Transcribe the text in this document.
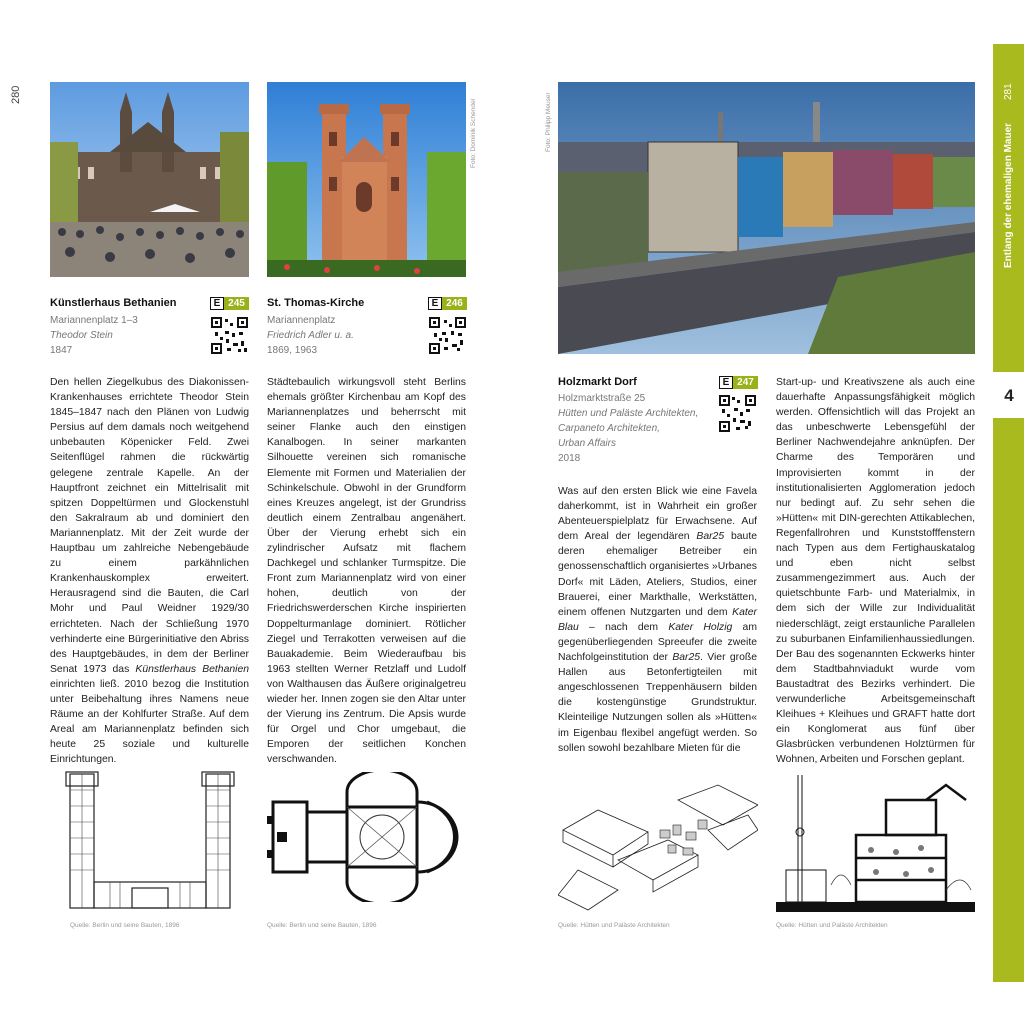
280	281
Entlang der ehemaligen Mauer
4
Foto: Dominik Schendel	Foto: Philipp Meuser
Künstlerhaus Bethanien	E 245
Mariannenplatz 1–3
Theodor Stein
1847
St. Thomas-Kirche	E 246
Mariannenplatz
Friedrich Adler u. a.
1869, 1963
Holzmarkt Dorf	E 247
Holzmarktstraße 25
Hütten und Paläste Architekten,
Carpaneto Architekten,
Urban Affairs
2018

Den hellen Ziegelkubus des Diakonissen-Krankenhauses errichtete Theodor Stein 1845–1847 nach den Plänen von Ludwig Persius auf dem damals noch weitgehend unbebauten Köpenicker Feld. Zwei Seitenflügel rahmen die rückwärtig gelegene zentrale Kapelle. An der Hauptfront zeichnet ein Mittelrisalit mit spitzen Doppeltürmen und Glockenstuhl den Sakralraum ab und dominiert den Mariannenplatz. Mit der Zeit wurde der Hauptbau um zahlreiche Nebengebäude zu einem parkähnlichen Krankenhauskomplex erweitert. Herausragend sind die Bauten, die Carl Mohr und Paul Weidner 1929/30 errichteten. Nach der Schließung 1970 verhinderte eine Bürgerinitiative den Abriss des Hauptgebäudes, in dem der Berliner Senat 1973 das Künstlerhaus Bethanien einrichten ließ. 2010 bezog die Institution unter Beibehaltung ihres Namens neue Räume an der Kohlfurter Straße. Auf dem Areal am Mariannenplatz befinden sich heute 25 soziale und kulturelle Einrichtungen.

Städtebaulich wirkungsvoll steht Berlins ehemals größter Kirchenbau am Kopf des Mariannenplatzes und beherrscht mit seiner Flanke auch den einstigen Kanalbogen. In seiner markanten Silhouette vereinen sich romanische Elemente mit Formen und Materialien der Schinkelschule. Obwohl in der Grundform eines Kreuzes angelegt, ist der Grundriss deutlich einem Zentralbau angenähert. Über der Vierung erhebt sich ein zylindrischer Aufsatz mit flachem Dachkegel und schlanker Turmspitze. Die Front zum Mariannenplatz wird von einer hohen, deutlich von der Friedrichswerderschen Kirche inspirierten Doppelturmanlage dominiert. Rötlicher Ziegel und Terrakotten verweisen auf die Bauakademie. Beim Wiederaufbau bis 1963 stellten Werner Retzlaff und Ludolf von Walthausen das Äußere originalgetreu wieder her. Innen zogen sie den Altar unter der Vierung ins Zentrum. Die Apsis wurde für Orgel und Chor umgebaut, die Emporen der seitlichen Konchen verschwanden.

Was auf den ersten Blick wie eine Favela daherkommt, ist in Wahrheit ein großer Abenteuerspielplatz für Erwachsene. Auf dem Areal der legendären Bar25 baute deren ehemaliger Betreiber ein genossenschaftlich organisiertes »Urbanes Dorf« mit Läden, Ateliers, Studios, einer Brauerei, einer Markthalle, Werkstätten, einem offenen Nutzgarten und dem Kater Blau – nach dem Kater Holzig am gegenüberliegenden Spreeufer die zweite Nachfolgeinstitution der Bar25. Vier große Hallen aus Betonfertigteilen mit angeschlossenen Treppenhäusern bilden die kostengünstige Grundstruktur. Kleinteilige Nutzungen sollen als »Hütten« im Eigenbau flexibel angefügt werden. So sollen sowohl bezahlbare Mieten für die

Start-up- und Kreativszene als auch eine dauerhafte Anpassungsfähigkeit möglich werden. Offensichtlich will das Projekt an das unbeschwerte Lebensgefühl der Berliner Nachwendejahre anknüpfen. Der Charme des Temporären und Improvisierten kommt in der institutionalisierten Agglomeration jedoch nur bedingt auf. Zu sehr sehen die »Hütten« mit DIN-gerechten Attikablechen, Regenfallrohren und Kunststofffenstern nach Typen aus dem Fertighauskatalog und eben nicht selbst zusammengezimmert aus. Auch der quietschbunte Farb- und Materialmix, in dem sich der Wille zur Individualität niederschlägt, zeigt erstaunliche Parallelen zu suburbanen Einfamilienhaussiedlungen. Der Bau des sogenannten Eckwerks hinter dem Stadtbahnviadukt wurde vom Baustadtrat des Bezirks verhindert. Die verwunderliche Arbeitsgemeinschaft Kleihues + Kleihues und GRAFT hatte dort ein Konglomerat aus fünf über Glasbrücken verbundenen Holztürmen für Wohnen, Arbeiten und Forschen geplant.

Quelle: Berlin und seine Bauten, 1896	Quelle: Berlin und seine Bauten, 1896	Quelle: Hütten und Paläste Architekten	Quelle: Hütten und Paläste Architekten
